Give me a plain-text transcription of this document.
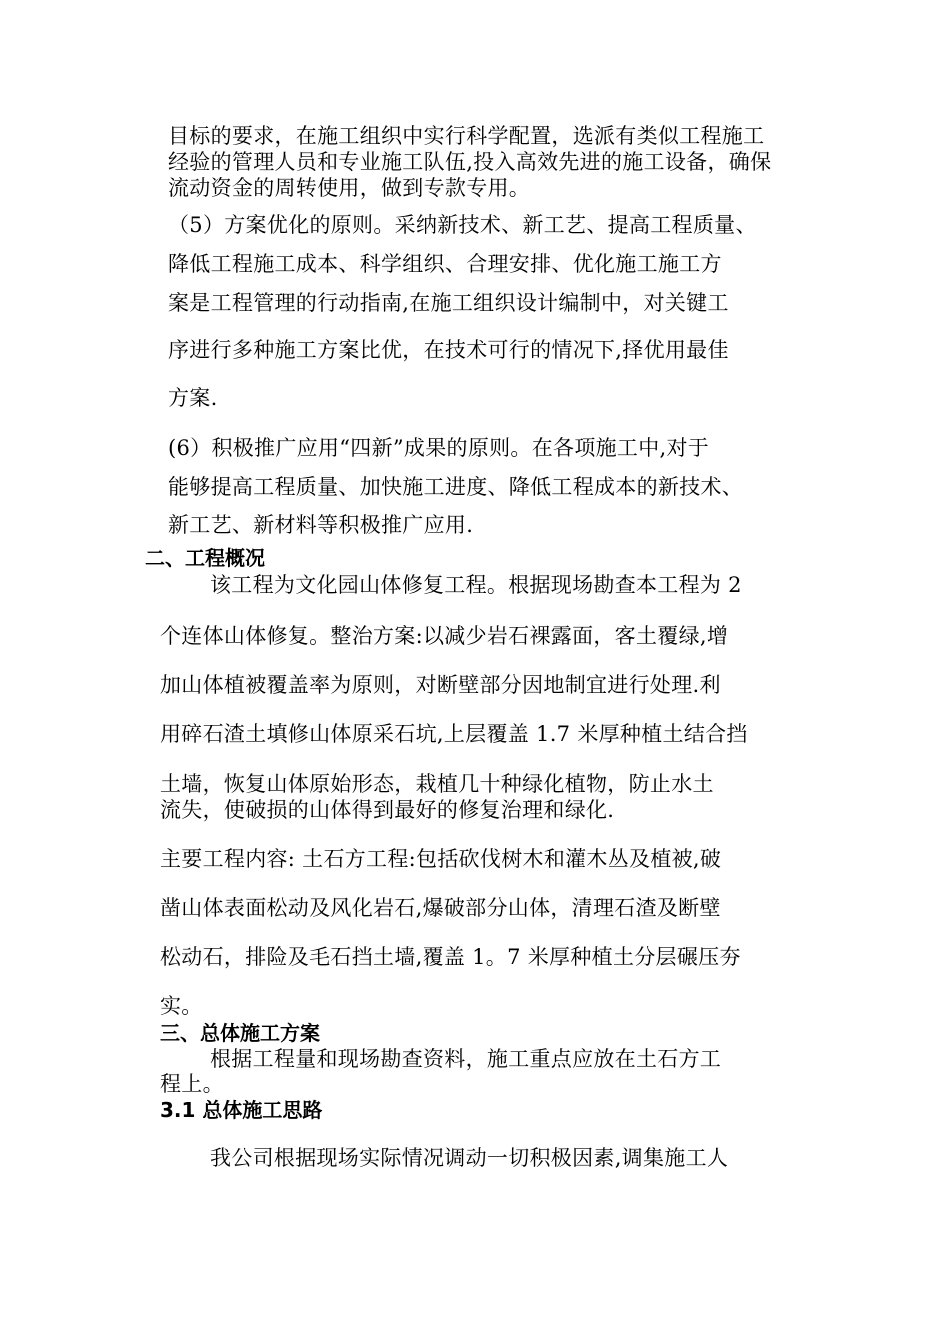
目标的要求，在施工组织中实行科学配置，选派有类似工程施工
经验的管理人员和专业施工队伍,投入高效先进的施工设备，确保
流动资金的周转使用，做到专款专用。
（5）方案优化的原则。采纳新技术、新工艺、提高工程质量、
降低工程施工成本、科学组织、合理安排、优化施工施工方
案是工程管理的行动指南,在施工组织设计编制中，对关键工
序进行多种施工方案比优，在技术可行的情况下,择优用最佳
方案.
(6）积极推广应用“四新”成果的原则。在各项施工中,对于
能够提高工程质量、加快施工进度、降低工程成本的新技术、
新工艺、新材料等积极推广应用.
二、工程概况
该工程为文化园山体修复工程。根据现场勘查本工程为 2
个连体山体修复。整治方案:以减少岩石裸露面，客土覆绿,增
加山体植被覆盖率为原则，对断壁部分因地制宜进行处理.利
用碎石渣土填修山体原采石坑,上层覆盖 1.7 米厚种植土结合挡
土墙，恢复山体原始形态，栽植几十种绿化植物，防止水土
流失，使破损的山体得到最好的修复治理和绿化.
主要工程内容: 土石方工程:包括砍伐树木和灌木丛及植被,破
凿山体表面松动及风化岩石,爆破部分山体，清理石渣及断壁
松动石，排险及毛石挡土墙,覆盖 1。7 米厚种植土分层碾压夯
实。
三、总体施工方案
根据工程量和现场勘查资料，施工重点应放在土石方工
程上。
3.1 总体施工思路
我公司根据现场实际情况调动一切积极因素,调集施工人
